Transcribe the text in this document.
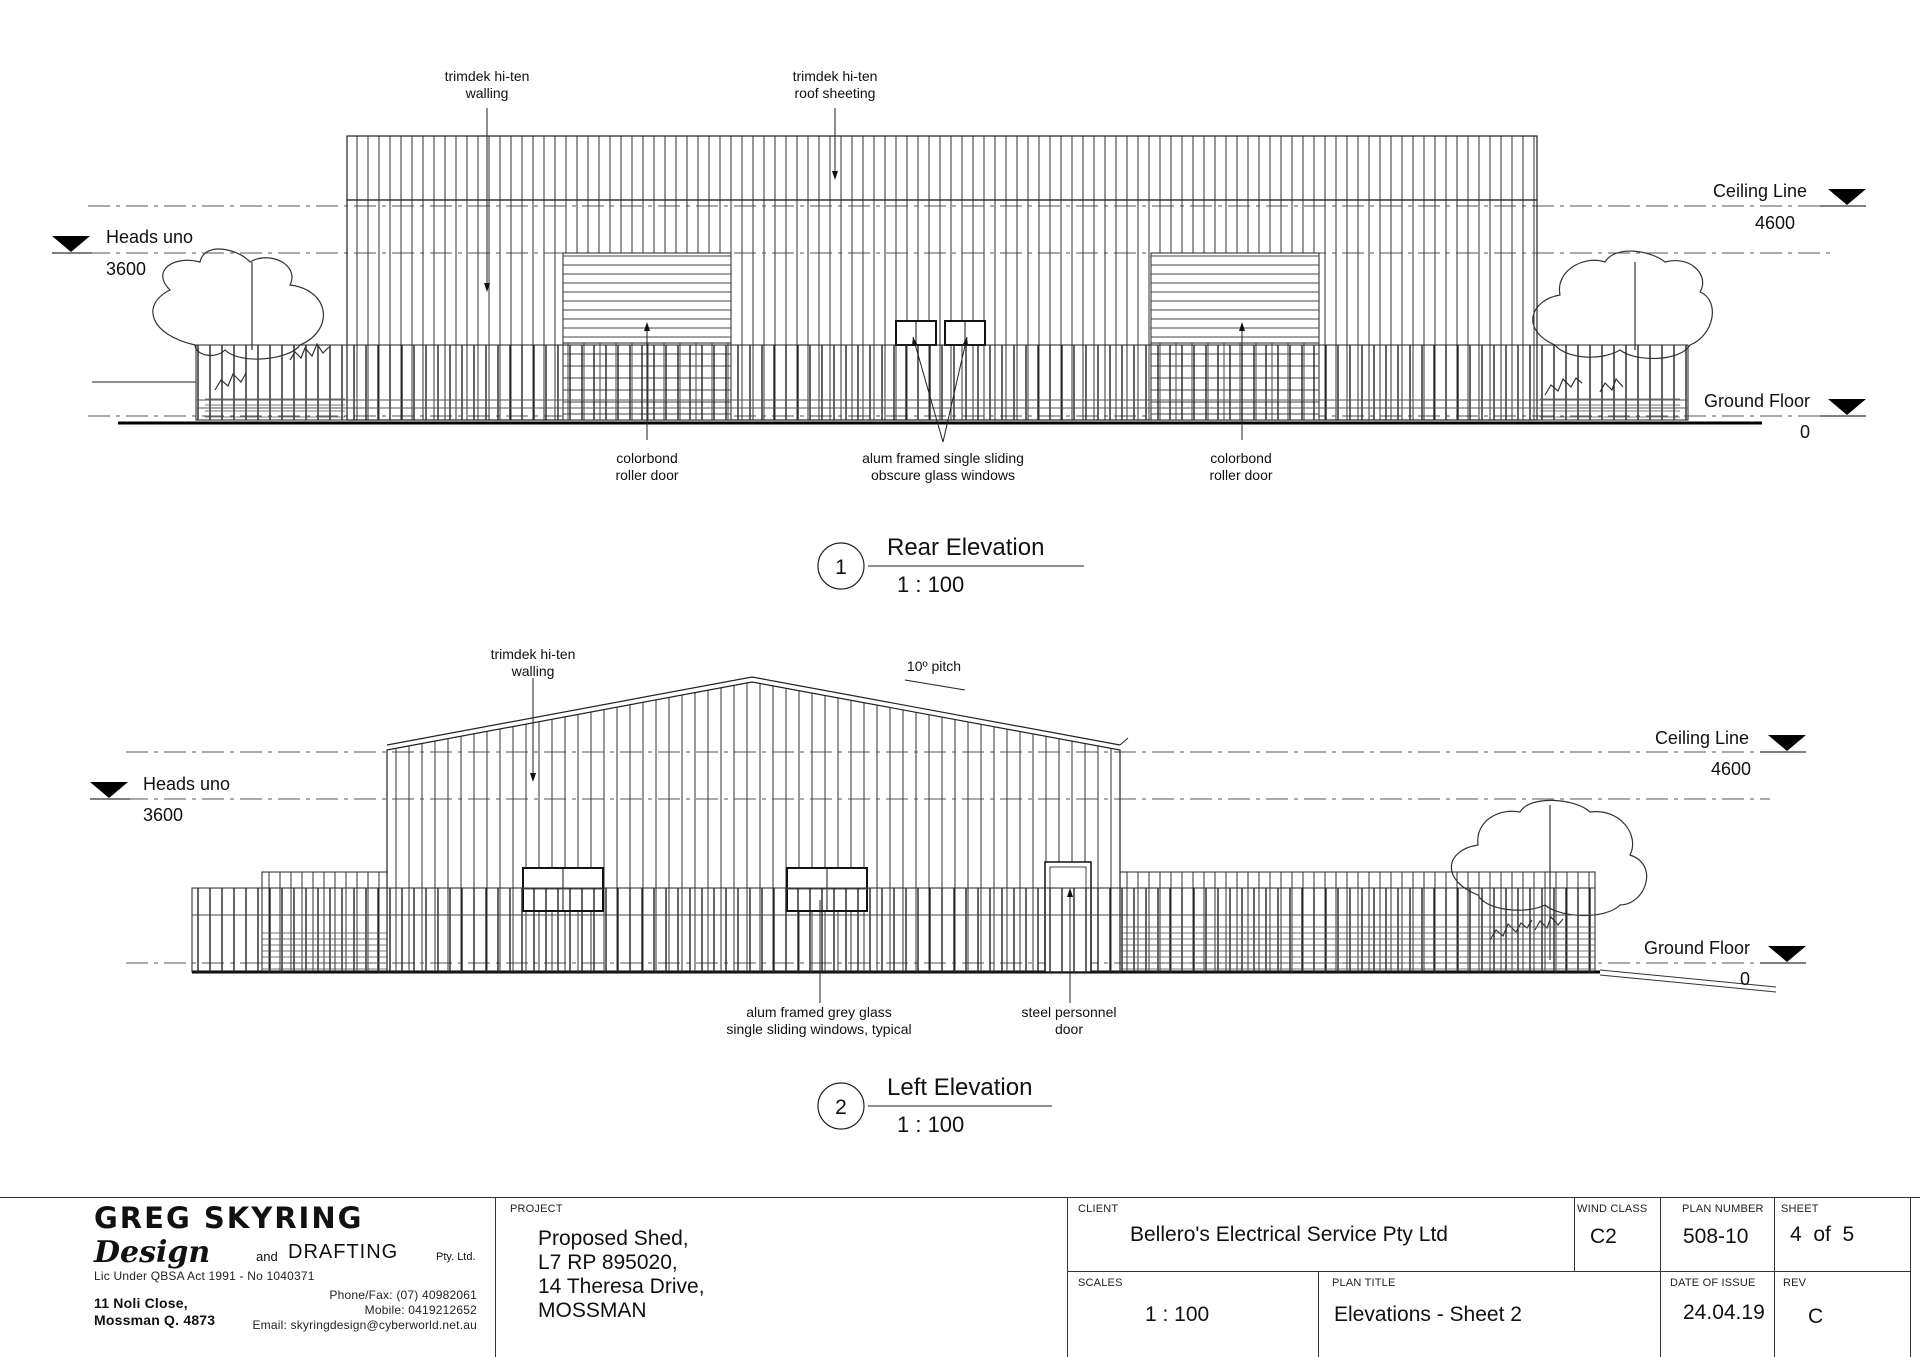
trimdek hi-ten
walling
trimdek hi-ten
roof sheeting
colorbond
roller door
alum framed single sliding
obscure glass windows
colorbond
roller door
Ceiling Line
4600
Heads uno
3600
Ground Floor
0
1
Rear Elevation
1 : 100
trimdek hi-ten
walling	10º pitch
alum framed grey glass
single sliding windows, typical
steel personnel
door
Ceiling Line
4600
Heads uno
3600
Ground Floor
0
2
Left Elevation
1 : 100
GREG SKYRING
Design	and DRAFTING	Pty. Ltd.
Lic Under QBSA Act 1991 - No 1040371
11 Noli Close,
Mossman Q. 4873
Phone/Fax: (07) 40982061
Mobile: 0419212652
Email: skyringdesign@cyberworld.net.au
PROJECT
Proposed Shed,
L7 RP 895020,
14 Theresa Drive,
MOSSMAN
CLIENT
Bellero's Electrical Service Pty Ltd
WIND CLASS
C2
PLAN NUMBER
508-10
SHEET
4  of  5
SCALES
1 : 100
PLAN TITLE
Elevations - Sheet 2
DATE OF ISSUE
24.04.19
REV
C
